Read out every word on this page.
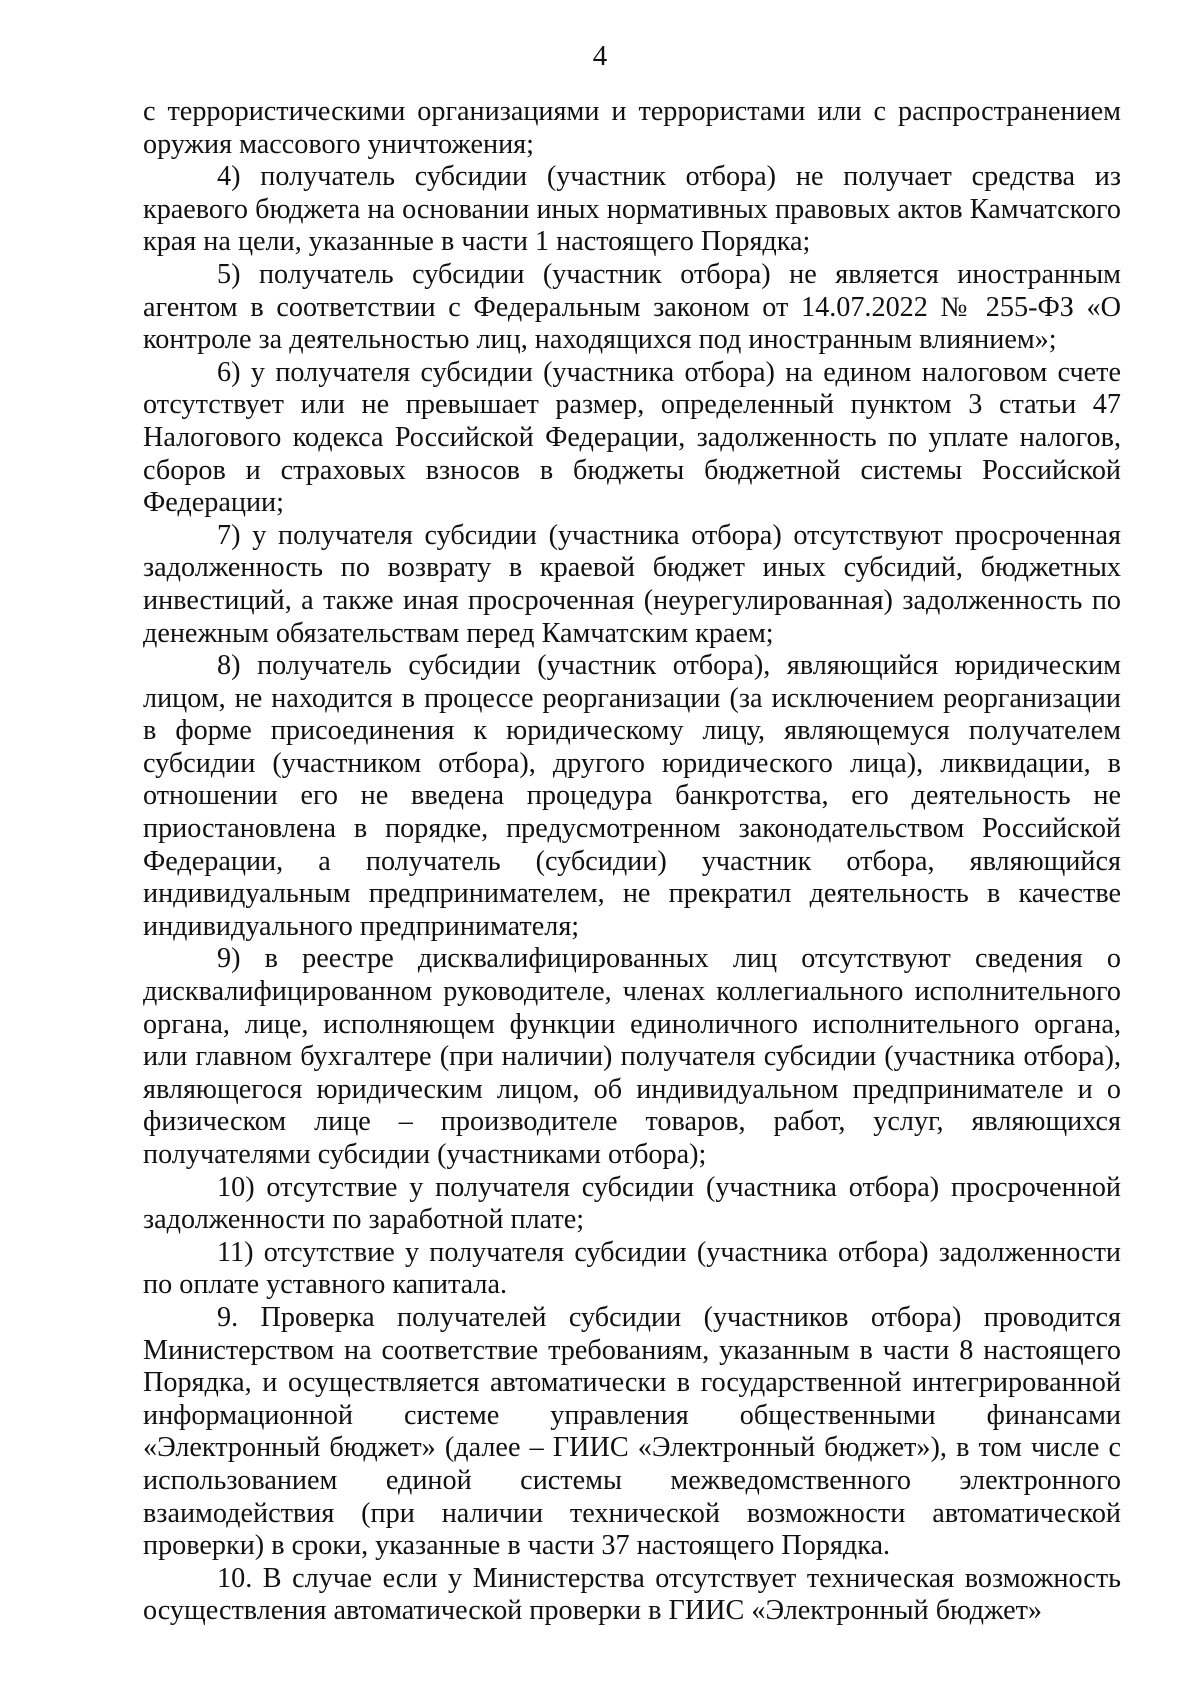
4

с террористическими организациями и террористами или с распространением оружия массового уничтожения;

4) получатель субсидии (участник отбора) не получает средства из краевого бюджета на основании иных нормативных правовых актов Камчатского края на цели, указанные в части 1 настоящего Порядка;

5) получатель субсидии (участник отбора) не является иностранным агентом в соответствии с Федеральным законом от 14.07.2022 № 255-ФЗ «О контроле за деятельностью лиц, находящихся под иностранным влиянием»;

6) у получателя субсидии (участника отбора) на едином налоговом счете отсутствует или не превышает размер, определенный пунктом 3 статьи 47 Налогового кодекса Российской Федерации, задолженность по уплате налогов, сборов и страховых взносов в бюджеты бюджетной системы Российской Федерации;

7) у получателя субсидии (участника отбора) отсутствуют просроченная задолженность по возврату в краевой бюджет иных субсидий, бюджетных инвестиций, а также иная просроченная (неурегулированная) задолженность по денежным обязательствам перед Камчатским краем;

8) получатель субсидии (участник отбора), являющийся юридическим лицом, не находится в процессе реорганизации (за исключением реорганизации в форме присоединения к юридическому лицу, являющемуся получателем субсидии (участником отбора), другого юридического лица), ликвидации, в отношении его не введена процедура банкротства, его деятельность не приостановлена в порядке, предусмотренном законодательством Российской Федерации, а получатель (субсидии) участник отбора, являющийся индивидуальным предпринимателем, не прекратил деятельность в качестве индивидуального предпринимателя;

9) в реестре дисквалифицированных лиц отсутствуют сведения о дисквалифицированном руководителе, членах коллегиального исполнительного органа, лице, исполняющем функции единоличного исполнительного органа, или главном бухгалтере (при наличии) получателя субсидии (участника отбора), являющегося юридическим лицом, об индивидуальном предпринимателе и о физическом лице – производителе товаров, работ, услуг, являющихся получателями субсидии (участниками отбора);

10) отсутствие у получателя субсидии (участника отбора) просроченной задолженности по заработной плате;

11) отсутствие у получателя субсидии (участника отбора) задолженности по оплате уставного капитала.

9. Проверка получателей субсидии (участников отбора) проводится Министерством на соответствие требованиям, указанным в части 8 настоящего Порядка, и осуществляется автоматически в государственной интегрированной информационной системе управления общественными финансами «Электронный бюджет» (далее – ГИИС «Электронный бюджет»), в том числе с использованием единой системы межведомственного электронного взаимодействия (при наличии технической возможности автоматической проверки) в сроки, указанные в части 37 настоящего Порядка.

10. В случае если у Министерства отсутствует техническая возможность осуществления автоматической проверки в ГИИС «Электронный бюджет»
